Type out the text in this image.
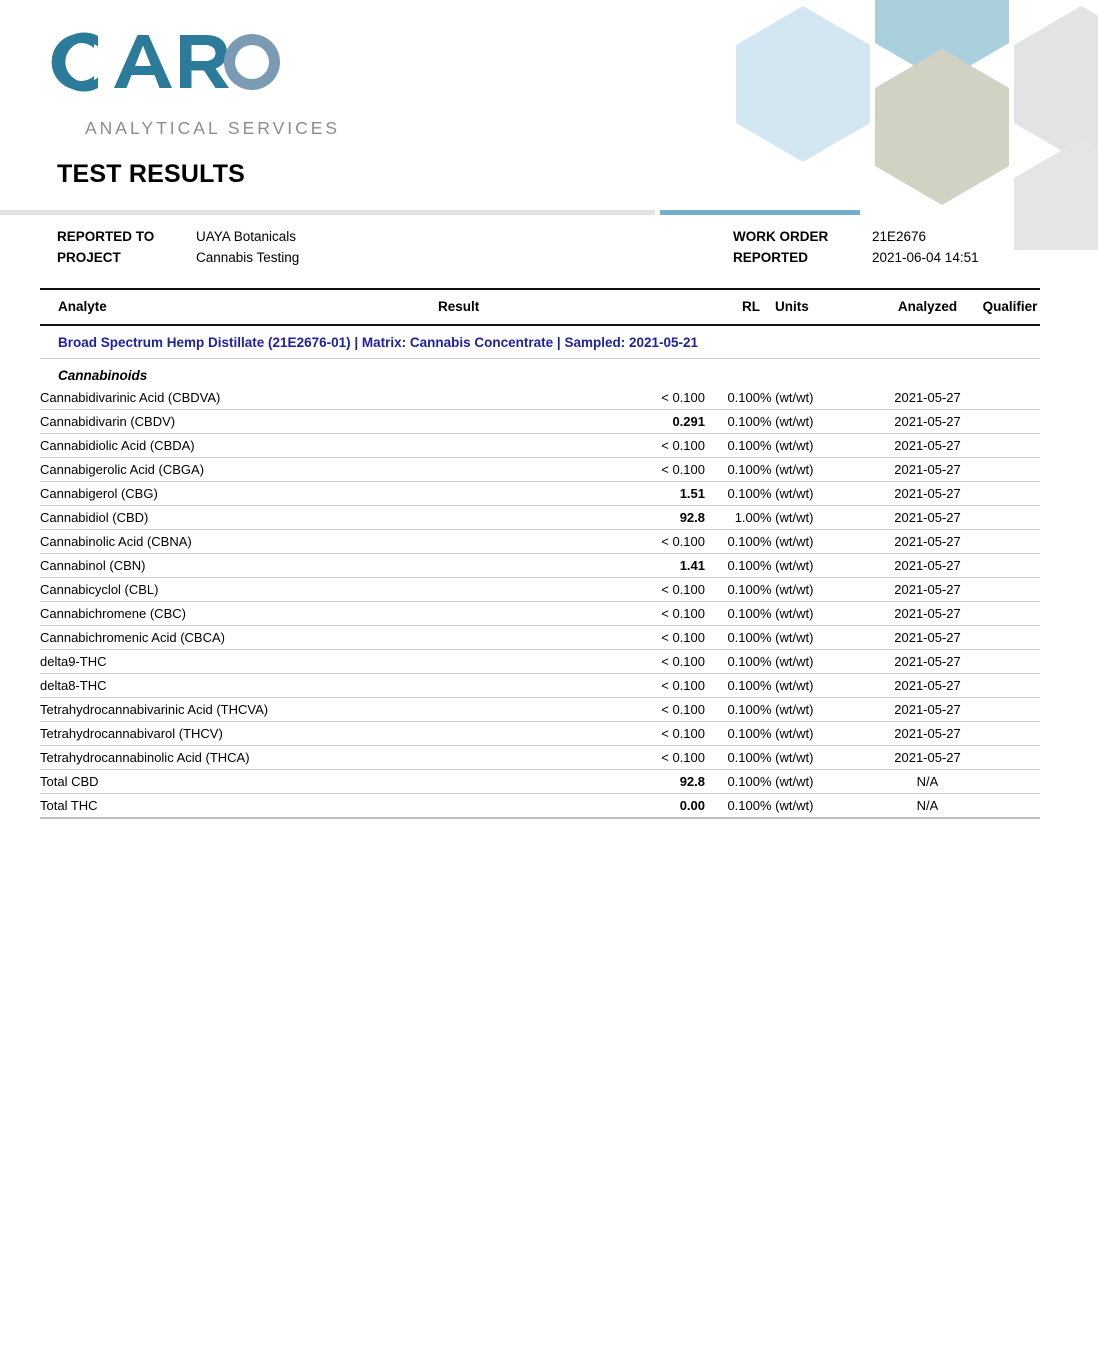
ANALYTICAL SERVICES
TEST RESULTS
REPORTED TO	UAYA Botanicals
PROJECT	Cannabis Testing
WORK ORDER	21E2676
REPORTED	2021-06-04 14:51
Analyte	Result	RL	Units	Analyzed	Qualifier
Broad Spectrum Hemp Distillate (21E2676-01) | Matrix: Cannabis Concentrate | Sampled: 2021-05-21					
Cannabinoids					
Cannabidivarinic Acid (CBDVA)	< 0.100	0.100	% (wt/wt)	2021-05-27	
Cannabidivarin (CBDV)	0.291	0.100	% (wt/wt)	2021-05-27	
Cannabidiolic Acid (CBDA)	< 0.100	0.100	% (wt/wt)	2021-05-27	
Cannabigerolic Acid (CBGA)	< 0.100	0.100	% (wt/wt)	2021-05-27	
Cannabigerol (CBG)	1.51	0.100	% (wt/wt)	2021-05-27	
Cannabidiol (CBD)	92.8	1.00	% (wt/wt)	2021-05-27	
Cannabinolic Acid (CBNA)	< 0.100	0.100	% (wt/wt)	2021-05-27	
Cannabinol (CBN)	1.41	0.100	% (wt/wt)	2021-05-27	
Cannabicyclol (CBL)	< 0.100	0.100	% (wt/wt)	2021-05-27	
Cannabichromene (CBC)	< 0.100	0.100	% (wt/wt)	2021-05-27	
Cannabichromenic Acid (CBCA)	< 0.100	0.100	% (wt/wt)	2021-05-27	
delta9-THC	< 0.100	0.100	% (wt/wt)	2021-05-27	
delta8-THC	< 0.100	0.100	% (wt/wt)	2021-05-27	
Tetrahydrocannabivarinic Acid (THCVA)	< 0.100	0.100	% (wt/wt)	2021-05-27	
Tetrahydrocannabivarol (THCV)	< 0.100	0.100	% (wt/wt)	2021-05-27	
Tetrahydrocannabinolic Acid (THCA)	< 0.100	0.100	% (wt/wt)	2021-05-27	
Total CBD	92.8	0.100	% (wt/wt)	N/A	
Total THC	0.00	0.100	% (wt/wt)	N/A	
